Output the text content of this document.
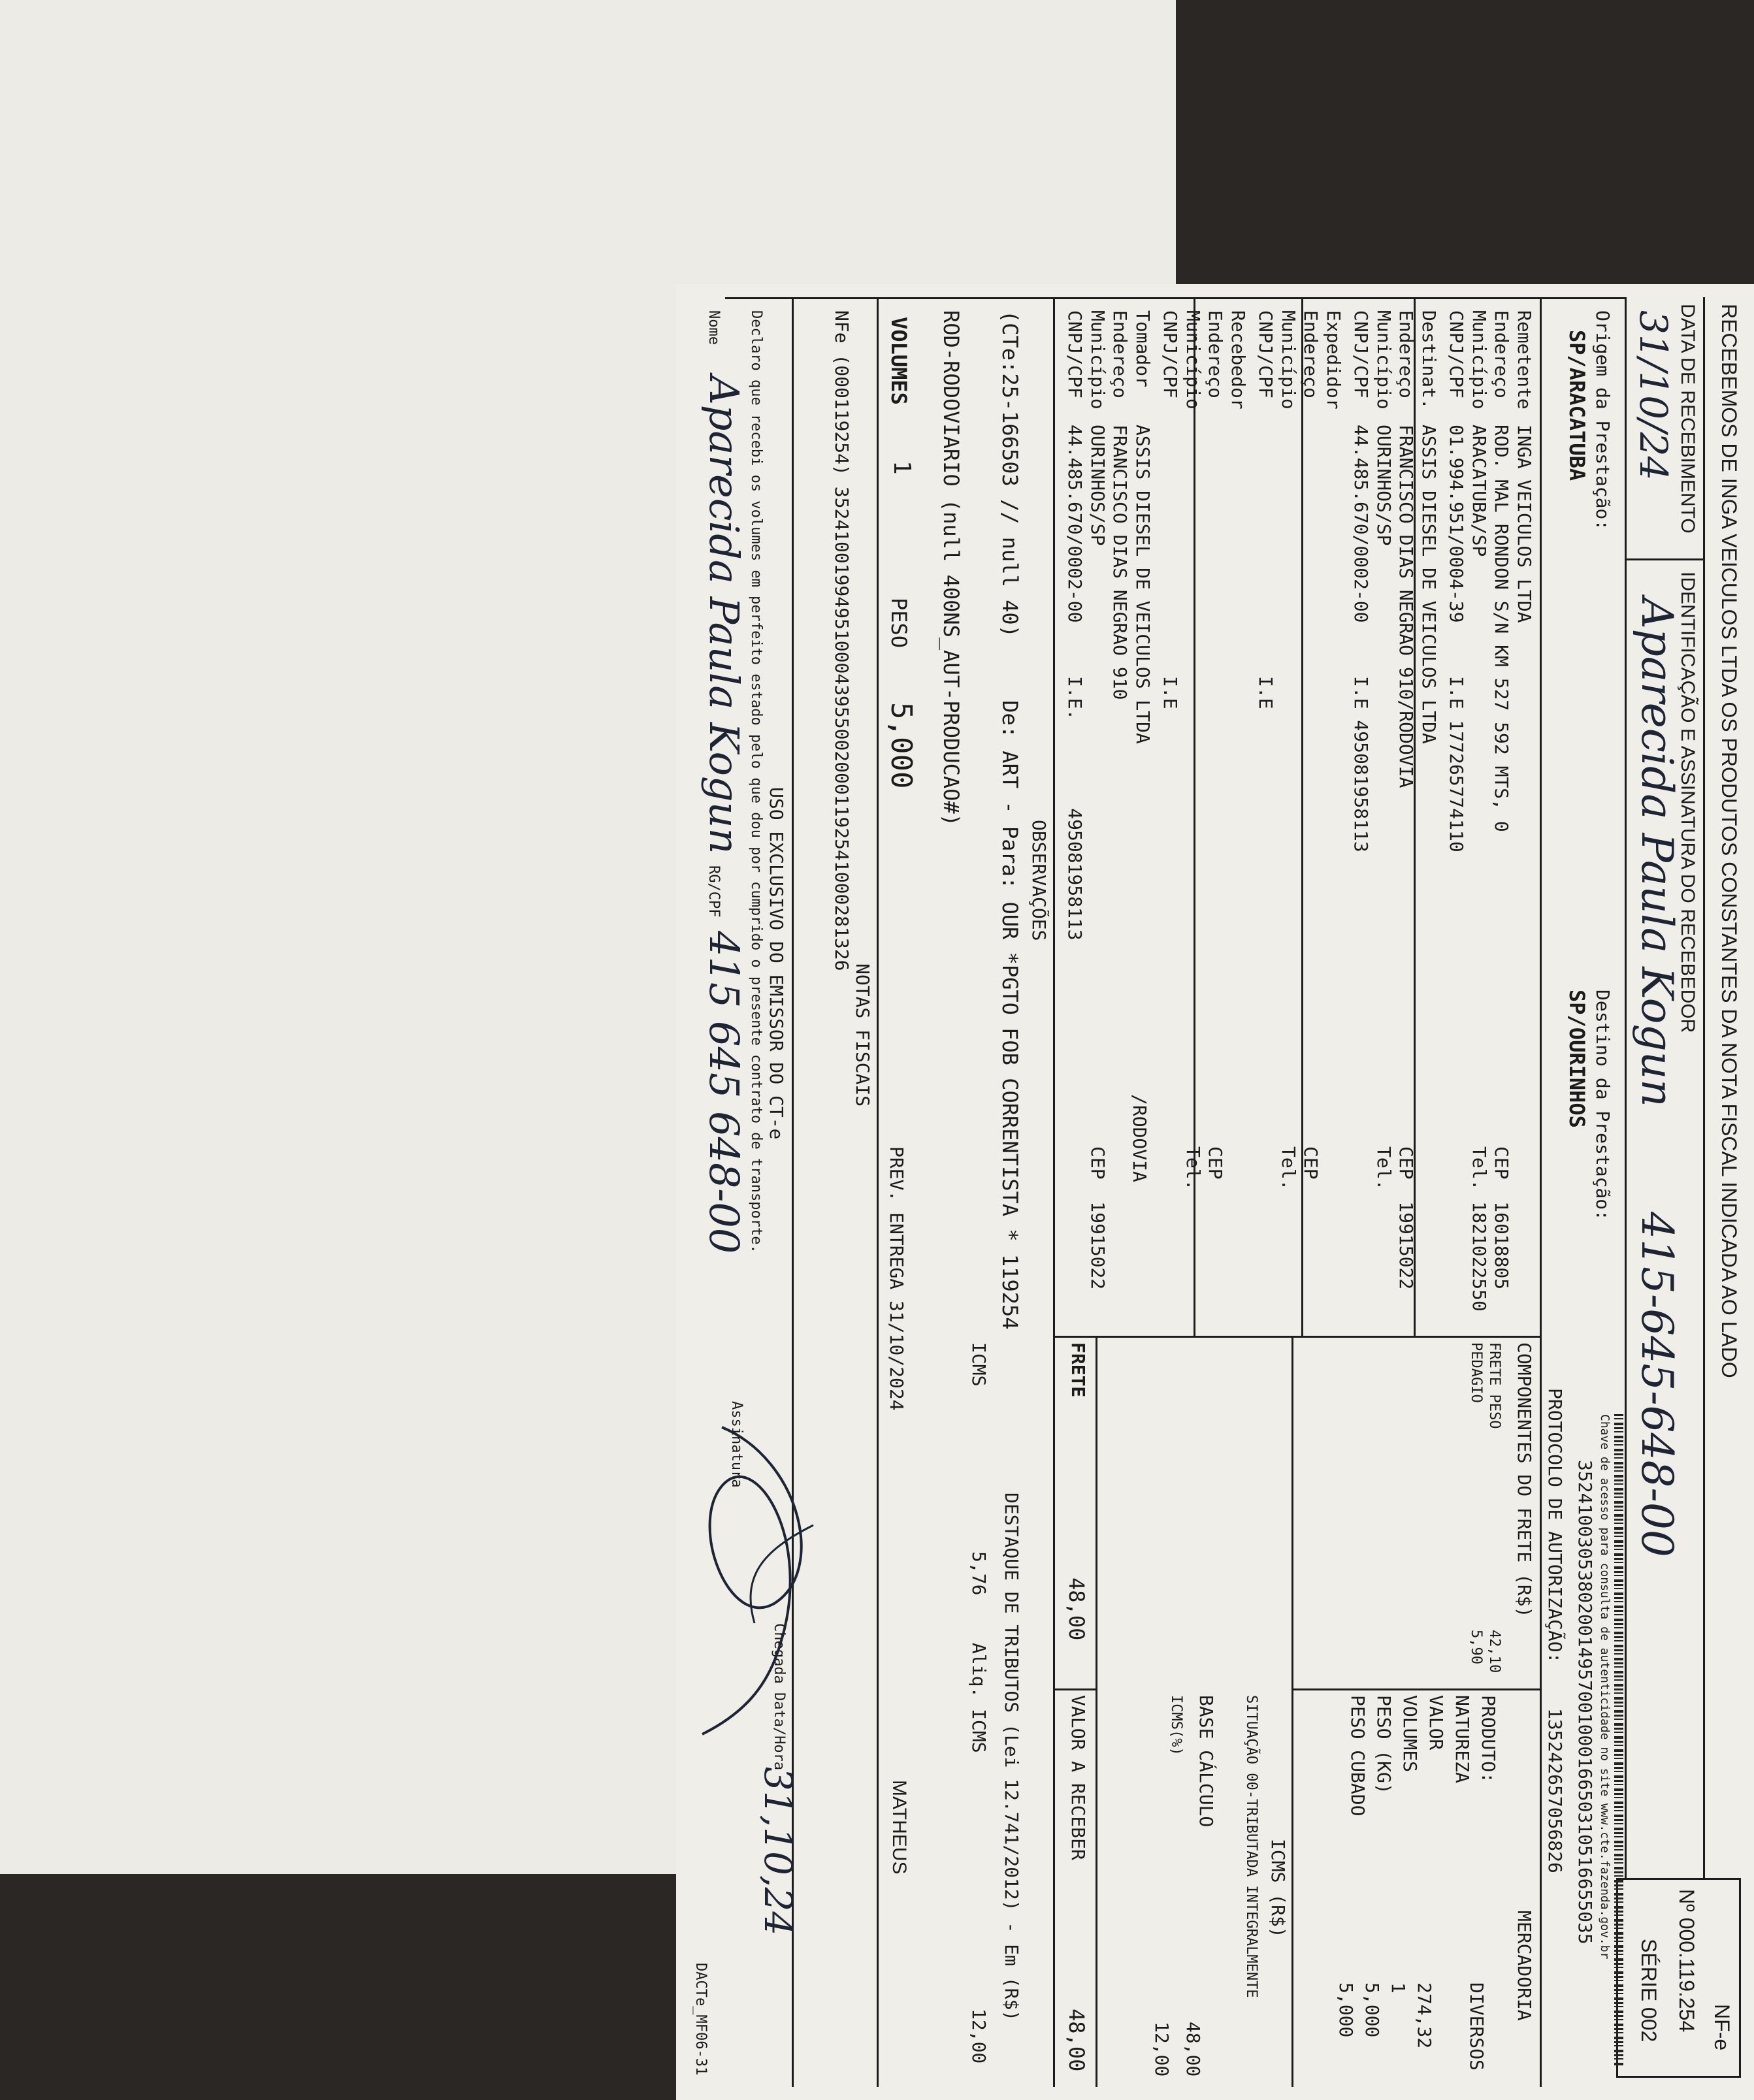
RECEBEMOS DE INGA VEICULOS LTDA OS PRODUTOS CONSTANTES DA NOTA FISCAL INDICADA AO LADO
DATA DE RECEBIMENTO
31/10/24
IDENTIFICAÇÃO E ASSINATURA DO RECEBEDOR
Aparecida Paula Kogun
415-645-648-00
NF-e
Nº 000.119.254
SÉRIE 002
Origem da Prestação:
SP/ARACATUBA
Destino da Prestação:
SP/OURINHOS
Chave de acesso para consulta de autenticidade no site www.cte.fazenda.gov.br
35241003053802001495700100016650310516655035
PROTOCOLO DE AUTORIZAÇÃO:
135242657056826
Remetente
INGA VEICULOS LTDA
Endereço
ROD. MAL RONDON S/N KM 527 592 MTS, 0
CEP  16018805
Município
ARACATUBA/SP
Tel. 1821022550
CNPJ/CPF
01.994.951/0004-39
I.E 177265774110
Destinat.
ASSIS DIESEL DE VEICULOS LTDA
Endereço
FRANCISCO DIAS NEGRAO 910/RODOVIA
CEP  19915022
Município
OURINHOS/SP
Tel.
CNPJ/CPF
44.485.670/0002-00
I.E 495081958113
Expedidor
Endereço
CEP
Município
Tel.
CNPJ/CPF
I.E
Recebedor
Endereço
CEP
Município
Tel.
CNPJ/CPF
I.E
Tomador
ASSIS DIESEL DE VEICULOS LTDA
Endereço
FRANCISCO DIAS NEGRAO 910
/RODOVIA
Município
OURINHOS/SP
CEP  19915022
CNPJ/CPF
44.485.670/0002-00
I.E.        495081958113
COMPONENTES DO FRETE (R$)
FRETE PESO
42,10
PEDAGIO
5,90
MERCADORIA
PRODUTO:
DIVERSOS
NATUREZA
VALOR
274,32
VOLUMES
1
PESO (KG)
5,000
PESO CUBADO
5,000
ICMS (R$)
SITUAÇÃO 00-TRIBUTADA INTEGRALMENTE
BASE CÁLCULO
48,00
ICMS(%)
12,00
FRETE
48,00
VALOR A RECEBER
48,00
OBSERVAÇÕES
(CTe:25-166503 // null 40)     De: ART - Para: OUR *PGTO FOB CORRENTISTA * 119254
DESTAQUE DE TRIBUTOS (Lei 12.741/2012) - Em (R$)
ICMS
5,76
Aliq. ICMS
12,00
ROD-RODOVIARIO (null 400NS_AUT-PRODUCAO#)
VOLUMES
1
PESO
5,000
PREV. ENTREGA 31/10/2024
MATHEUS
NOTAS FISCAIS
NFe (000119254) 35241001994951000439550020001192541000281326
USO EXCLUSIVO DO EMISSOR DO CT-e
Chegada Data/Hora
31,10,24
Declaro que recebi os volumes em perfeito estado pelo que dou por cumprido o presente contrato de transporte.
Nome
Aparecida Paula Kogun
RG/CPF
415 645 648-00
Assinatura
DACTe_MF06-31
